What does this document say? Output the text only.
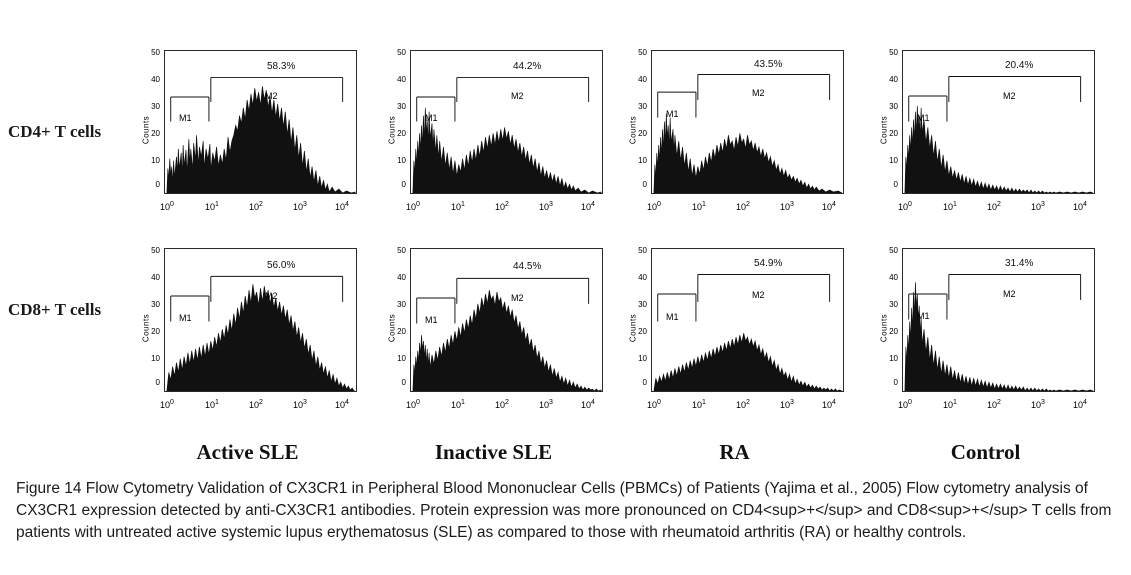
CD4+ T cells	Counts
50
40
30
20
10
0
M1
M2
58.3%
$10^0$	$10^1$	$10^2$	$10^3$	$10^4$
Counts
50
40
30
20
10
0
M1
M2
44.2%
$10^0$	$10^1$	$10^2$	$10^3$	$10^4$
Counts
50
40
30
20
10
0
M1
M2
43.5%
$10^0$	$10^1$	$10^2$	$10^3$	$10^4$
Counts
50
40
30
20
10
0
M1
M2
20.4%
$10^0$	$10^1$	$10^2$	$10^3$	$10^4$
CD8+ T cells
Counts
50
40
30
20
10
0
M1
M2
56.0%
$10^0$	$10^1$	$10^2$	$10^3$	$10^4$
Counts
50
40
30
20
10
0
M1
M2
44.5%
$10^0$	$10^1$	$10^2$	$10^3$	$10^4$
Counts
50
40
30
20
10
0
M1
M2
54.9%
$10^0$	$10^1$	$10^2$	$10^3$	$10^4$
Counts
50
40
30
20
10
0
M1
M2
31.4%
$10^0$	$10^1$	$10^2$	$10^3$	$10^4$
Active SLE	Inactive SLE	RA	Control
Figure 14 Flow Cytometry Validation of CX3CR1 in Peripheral Blood Mononuclear Cells (PBMCs) of Patients (Yajima et al., 2005) Flow cytometry analysis of CX3CR1 expression detected by anti-CX3CR1 antibodies. Protein expression was more pronounced on CD4<sup>+</sup> and CD8<sup>+</sup> T cells from patients with untreated active systemic lupus erythematosus (SLE) as compared to those with rheumatoid arthritis (RA) or healthy controls.
